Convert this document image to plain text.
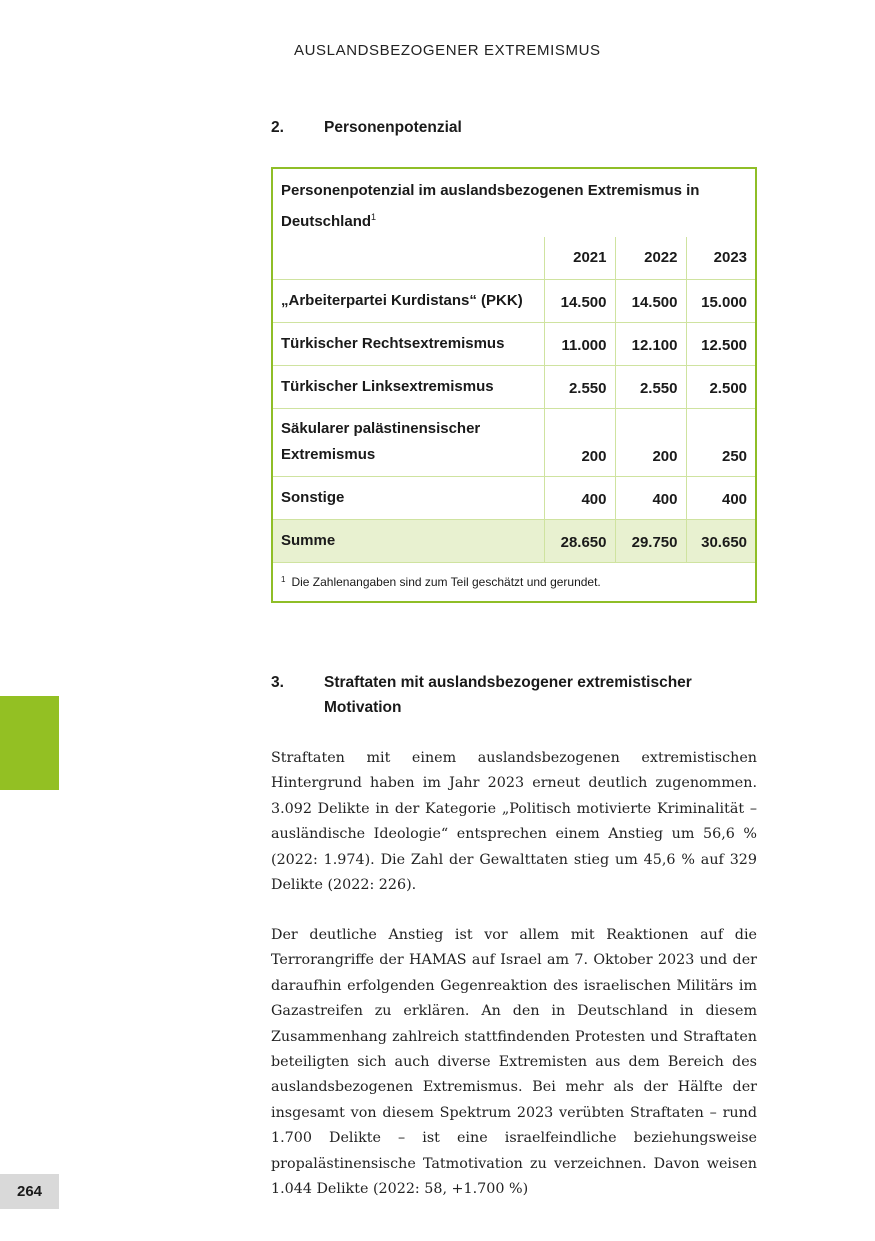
AUSLANDSBEZOGENER EXTREMISMUS
2.	Personenpotenzial
Personenpotenzial im auslandsbezogenen Extremismus in Deutschland$^1$
	2021	2022	2023
„Arbeiterpartei Kurdistans“ (PKK)	14.500	14.500	15.000
Türkischer Rechtsextremismus	11.000	12.100	12.500
Türkischer Linksextremismus	2.550	2.550	2.500
Säkularer palästinensischer Extremismus	200	200	250
Sonstige	400	400	400
Summe	28.650	29.750	30.650
$^1$ Die Zahlenangaben sind zum Teil geschätzt und gerundet.			
3.	Straftaten mit auslandsbezogener extremistischer Motivation

Straftaten mit einem auslandsbezogenen extremistischen Hintergrund haben im Jahr 2023 erneut deutlich zugenommen. 3.092 Delikte in der Kategorie „Politisch motivierte Kriminalität – ausländische Ideologie“ entsprechen einem Anstieg um 56,6 % (2022: 1.974). Die Zahl der Gewalttaten stieg um 45,6 % auf 329 Delikte (2022: 226).

Der deutliche Anstieg ist vor allem mit Reaktionen auf die Terrorangriffe der HAMAS auf Israel am 7. Oktober 2023 und der daraufhin erfolgenden Gegenreaktion des israelischen Militärs im Gazastreifen zu erklären. An den in Deutschland in diesem Zusammenhang zahlreich stattfindenden Protesten und Straftaten beteiligten sich auch diverse Extremisten aus dem Bereich des auslandsbezogenen Extremismus. Bei mehr als der Hälfte der insgesamt von diesem Spektrum 2023 verübten Straftaten – rund 1.700 Delikte – ist eine israelfeindliche beziehungsweise propalästinensische Tatmotivation zu verzeichnen. Davon weisen 1.044 Delikte (2022: 58, +1.700 %)

264
